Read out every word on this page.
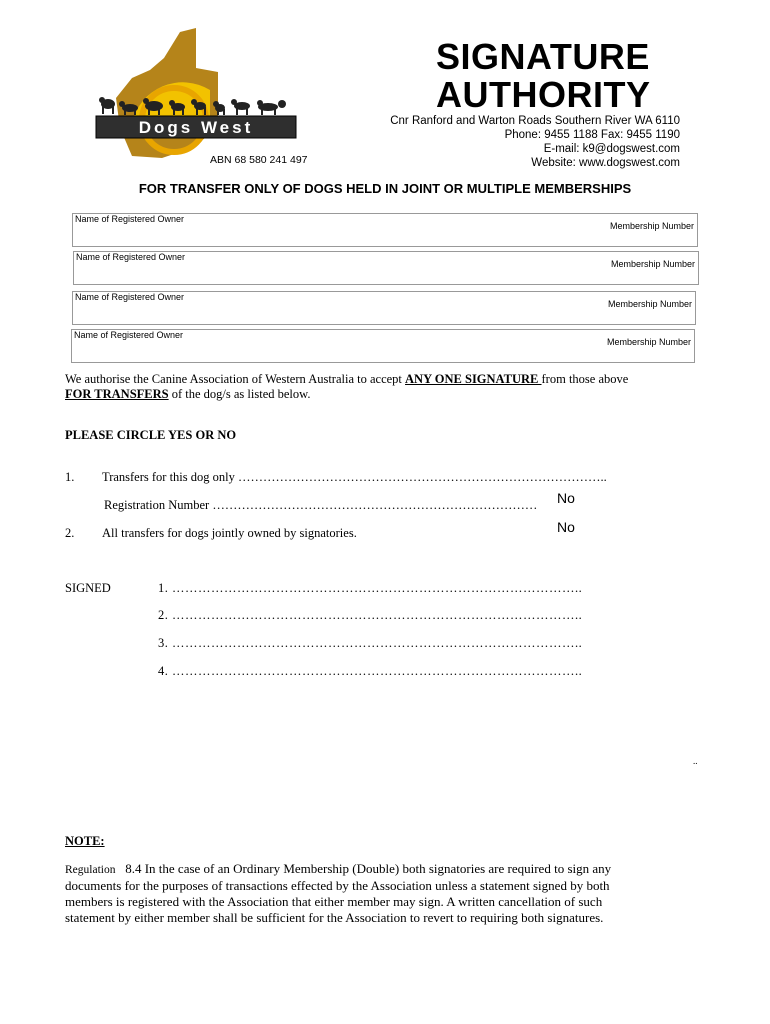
Dogs West
ABN 68 580 241 497
SIGNATURE
AUTHORITY
Cnr Ranford and Warton Roads Southern River WA 6110
Phone: 9455 1188 Fax: 9455 1190
E-mail: k9@dogswest.com
Website: www.dogswest.com
FOR TRANSFER ONLY OF DOGS HELD IN JOINT OR MULTIPLE MEMBERSHIPS
Name of Registered Owner
Membership Number
Name of Registered Owner
Membership Number
Name of Registered Owner
Membership Number
Name of Registered Owner
Membership Number
We authorise the Canine Association of Western Australia to accept ANY ONE SIGNATURE from those above
FOR TRANSFERS of the dog/s as listed below.
PLEASE CIRCLE YES OR NO
1. Transfers for this dog only ……………………………………………………………………………..
Registration Number …………………………………………………………………… No
2. All transfers for dogs jointly owned by signatories.	No
SIGNED	1. …………………………………………………………………………………..
2. …………………………………………………………………………………..
3. …………………………………………………………………………………..
4. …………………………………………………………………………………..
..
NOTE:
Regulation 8.4 In the case of an Ordinary Membership (Double) both signatories are required to sign any
documents for the purposes of transactions effected by the Association unless a statement signed by both
members is registered with the Association that either member may sign. A written cancellation of such
statement by either member shall be sufficient for the Association to revert to requiring both signatures.
